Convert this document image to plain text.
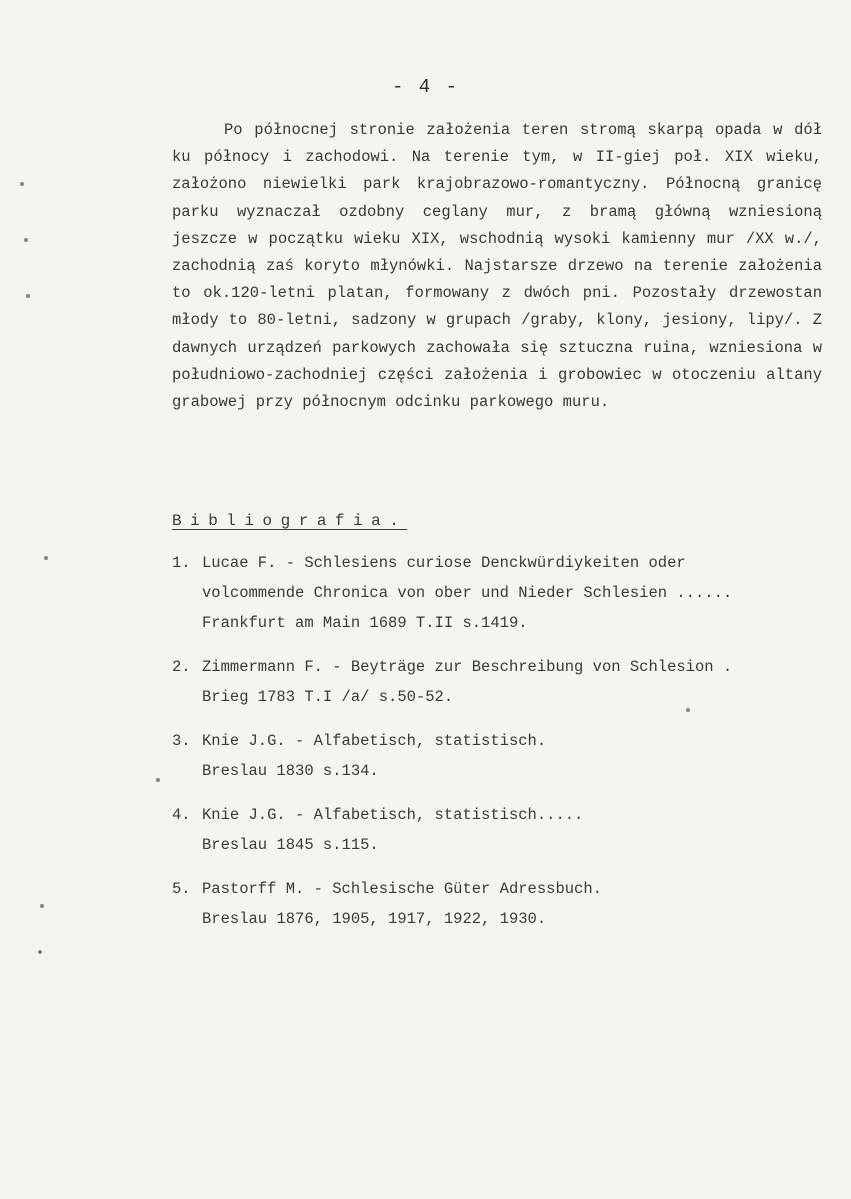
- 4 -
Po północnej stronie założenia teren stromą skarpą opada w dół ku północy i zachodowi. Na terenie tym, w II-giej poł. XIX wieku, założono niewielki park krajobrazowo-romantyczny. Północną granicę parku wyznaczał ozdobny ceglany mur, z bramą główną wzniesioną jeszcze w początku wieku XIX, wschodnią wysoki kamienny mur /XX w./, zachodnią zaś koryto młynówki. Najstarsze drzewo na terenie założenia to ok.120-letni platan, formowany z dwóch pni. Pozostały drzewostan młody to 80-letni, sadzony w grupach /graby, klony, jesiony, lipy/. Z dawnych urządzeń parkowych zachowała się sztuczna ruina, wzniesiona w południowo-zachodniej części założenia i grobowiec w otoczeniu altany grabowej przy północnym odcinku parkowego muru.
Bibliografia.
1. Lucae F. - Schlesiens curiose Denckwürdiykeiten oder
volcommende Chronica von ober und Nieder Schlesien ......
Frankfurt am Main 1689 T.II s.1419.
2. Zimmermann F. - Beyträge zur Beschreibung von Schlesion .
Brieg 1783 T.I /a/ s.50-52.
3. Knie J.G. - Alfabetisch, statistisch.
Breslau 1830 s.134.
4. Knie J.G. - Alfabetisch, statistisch.....
Breslau 1845 s.115.
5. Pastorff M. - Schlesische Güter Adressbuch.
Breslau 1876, 1905, 1917, 1922, 1930.
